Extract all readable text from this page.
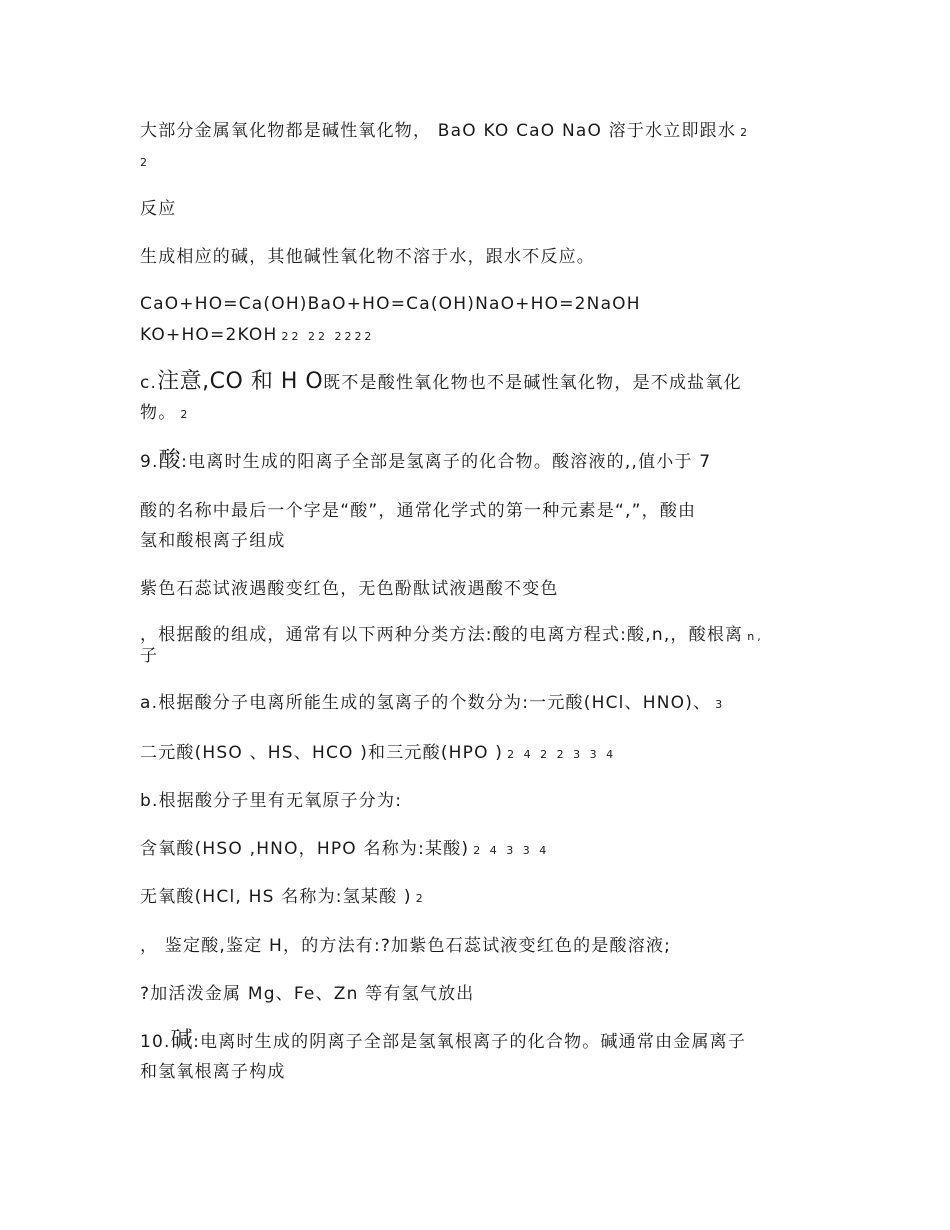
大部分金属氧化物都是碱性氧化物， BaO KO CaO NaO 溶于水立即跟水 2
2
反应
生成相应的碱，其他碱性氧化物不溶于水，跟水不反应。
CaO+HO=Ca(OH)BaO+HO=Ca(OH)NaO+HO=2NaOH
KO+HO=2KOH 22 22 2222
c.注意,CO 和 H O既不是酸性氧化物也不是碱性氧化物，是不成盐氧化
物。 2
9.酸:电离时生成的阳离子全部是氢离子的化合物。酸溶液的,,值小于 7
酸的名称中最后一个字是“酸”，通常化学式的第一种元素是“,”，酸由
氢和酸根离子组成
紫色石蕊试液遇酸变红色，无色酚酞试液遇酸不变色
，根据酸的组成，通常有以下两种分类方法:酸的电离方程式:酸,n,，酸根离 n,
子
a.根据酸分子电离所能生成的氢离子的个数分为:一元酸(HCl、HNO)、 3
二元酸(HSO 、HS、HCO )和三元酸(HPO ) 2 4 2 2 3 3 4
b.根据酸分子里有无氧原子分为:
含氧酸(HSO ,HNO，HPO 名称为:某酸) 2 4 3 3 4
无氧酸(HCl, HS 名称为:氢某酸 ) 2
， 鉴定酸,鉴定 H，的方法有:?加紫色石蕊试液变红色的是酸溶液;
?加活泼金属 Mg、Fe、Zn 等有氢气放出
10.碱:电离时生成的阴离子全部是氢氧根离子的化合物。碱通常由金属离子
和氢氧根离子构成
